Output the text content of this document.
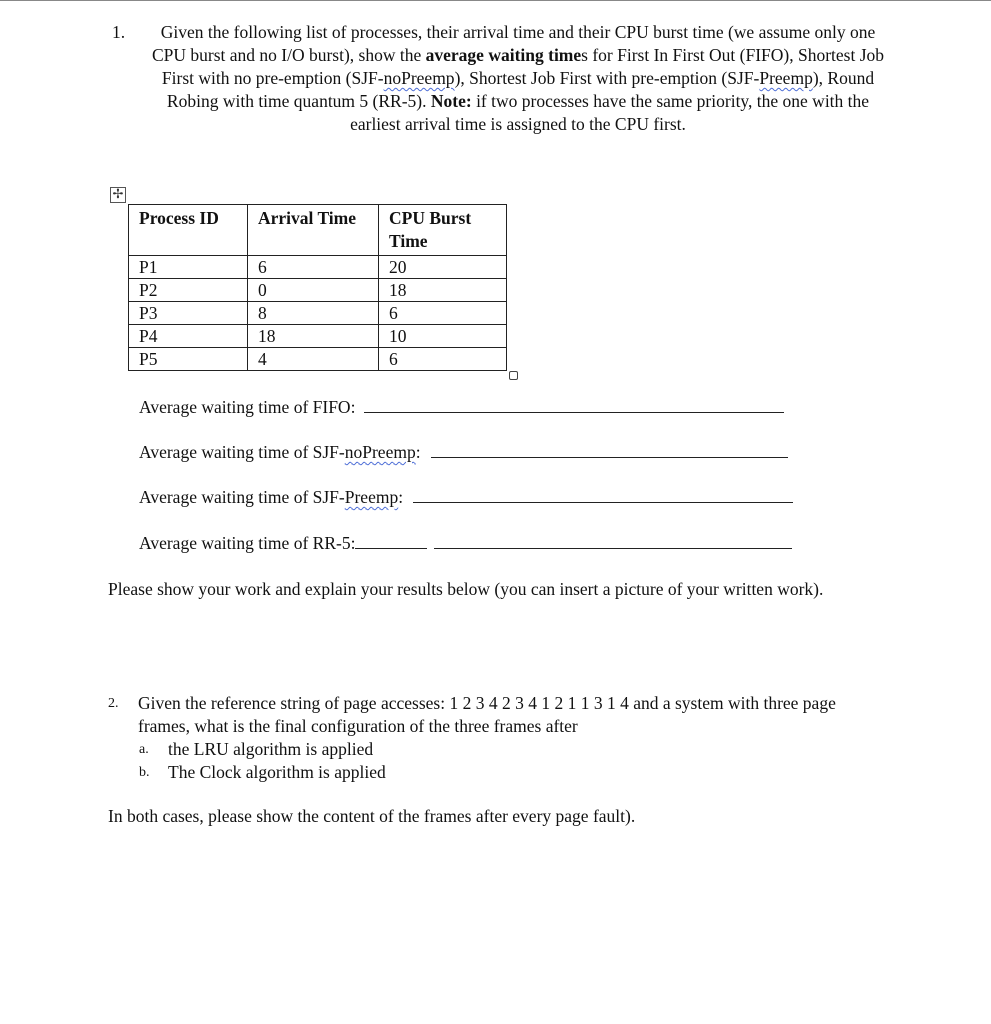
1.	Given the following list of processes, their arrival time and their CPU burst time (we assume only one CPU burst and no I/O burst), show the average waiting times for First In First Out (FIFO), Shortest Job First with no pre-emption (SJF-noPreemp), Shortest Job First with pre-emption (SJF-Preemp), Round Robing with time quantum 5 (RR-5). Note: if two processes have the same priority, the one with the earliest arrival time is assigned to the CPU first.
✢
Process ID	Arrival Time	CPU Burst Time
P1	6	20
P2	0	18
P3	8	6
P4	18	10
P5	4	6
Average waiting time of FIFO:
Average waiting time of SJF-noPreemp:
Average waiting time of SJF-Preemp:
Average waiting time of RR-5:
Please show your work and explain your results below (you can insert a picture of your written work).
2. Given the reference string of page accesses: 1 2 3 4 2 3 4 1 2 1 1 3 1 4 and a system with three page frames, what is the final configuration of the three frames after
a. the LRU algorithm is applied
b. The Clock algorithm is applied
In both cases, please show the content of the frames after every page fault).
